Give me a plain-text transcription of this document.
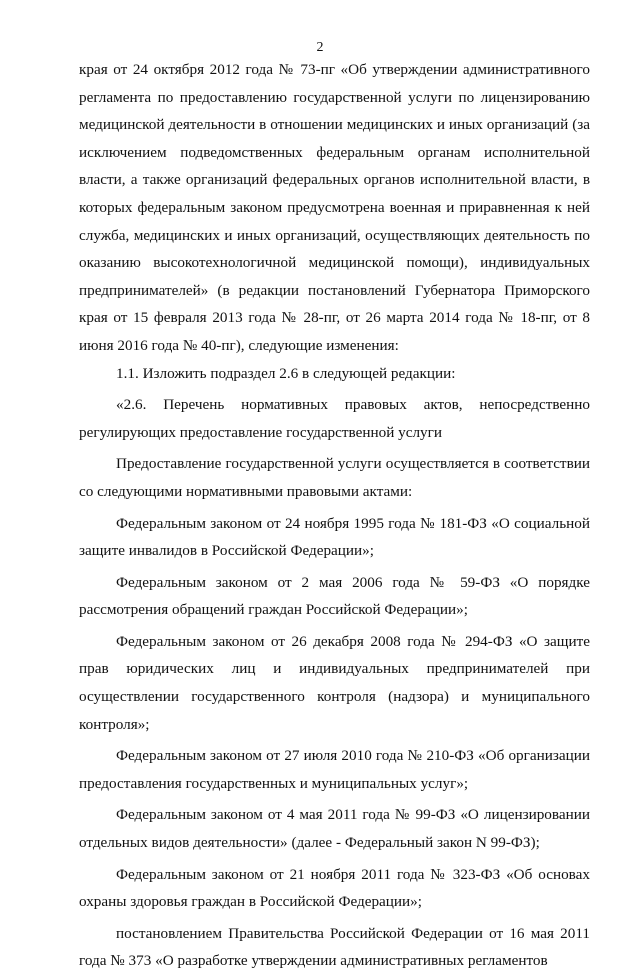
2

края от 24 октября 2012 года № 73-пг «Об утверждении административного регламента по предоставлению государственной услуги по лицензированию медицинской деятельности в отношении медицинских и иных организаций (за исключением подведомственных федеральным органам исполнительной власти, а также организаций федеральных органов исполнительной власти, в которых федеральным законом предусмотрена военная и приравненная к ней служба, медицинских и иных организаций, осуществляющих деятельность по оказанию высокотехнологичной медицинской помощи), индивидуальных предпринимателей» (в редакции постановлений Губернатора Приморского края от 15 февраля 2013 года № 28-пг, от 26 марта 2014 года № 18-пг, от 8 июня 2016 года № 40-пг), следующие изменения:

1.1. Изложить подраздел 2.6 в следующей редакции:

«2.6. Перечень нормативных правовых актов, непосредственно регулирующих предоставление государственной услуги

Предоставление государственной услуги осуществляется в соответствии со следующими нормативными правовыми актами:

Федеральным законом от 24 ноября 1995 года № 181-ФЗ «О социальной защите инвалидов в Российской Федерации»;

Федеральным законом от 2 мая 2006 года № 59-ФЗ «О порядке рассмотрения обращений граждан Российской Федерации»;

Федеральным законом от 26 декабря 2008 года № 294-ФЗ «О защите прав юридических лиц и индивидуальных предпринимателей при осуществлении государственного контроля (надзора) и муниципального контроля»;

Федеральным законом от 27 июля 2010 года № 210-ФЗ «Об организации предоставления государственных и муниципальных услуг»;

Федеральным законом от 4 мая 2011 года № 99-ФЗ «О лицензировании отдельных видов деятельности» (далее - Федеральный закон N 99-ФЗ);

Федеральным законом от 21 ноября 2011 года № 323-ФЗ «Об основах охраны здоровья граждан в Российской Федерации»;

постановлением Правительства Российской Федерации от 16 мая 2011 года № 373 «О разработке утверждении административных регламентов
